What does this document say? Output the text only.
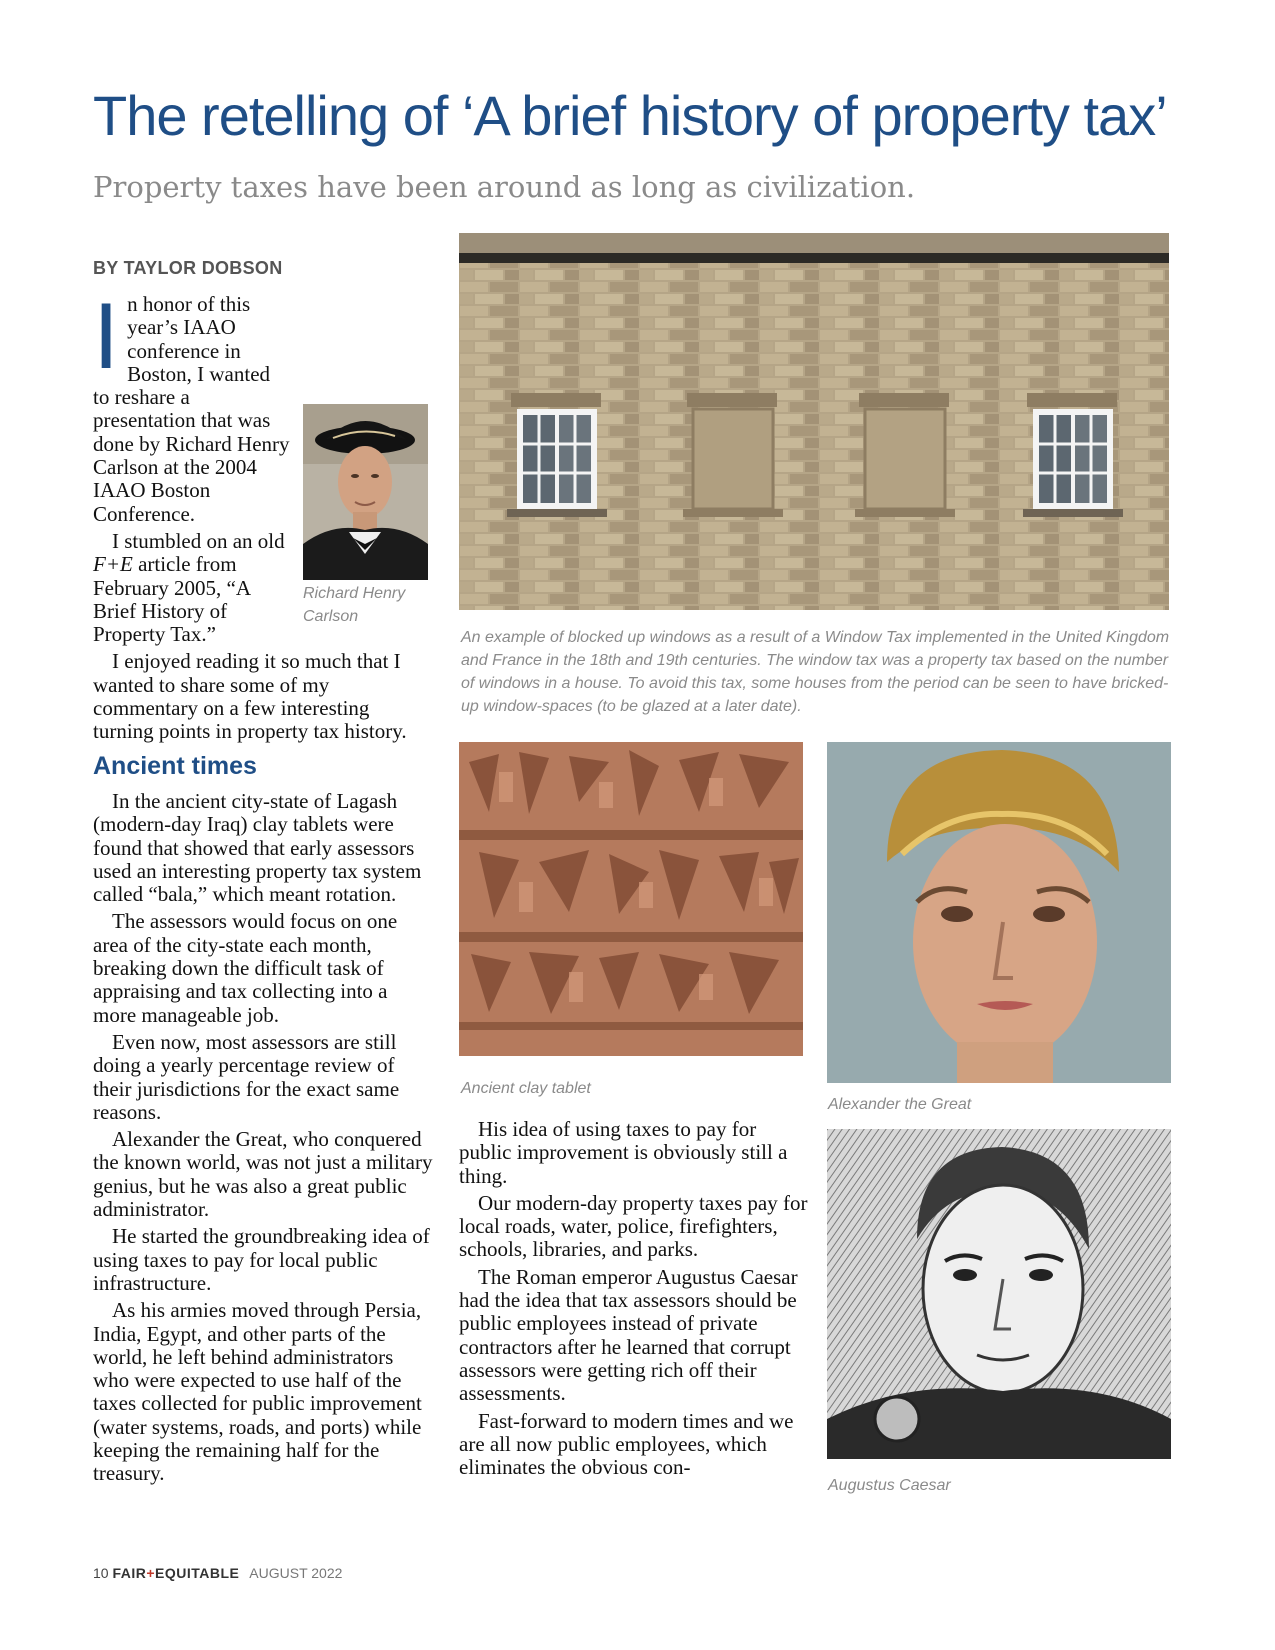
The retelling of ‘A brief history of property tax’
Property taxes have been around as long as civilization.
BY TAYLOR DOBSON
I
Richard Henry Carlson

n honor of this year’s IAAO conference in Boston, I wanted to reshare a presentation that was done by Richard Henry Carlson at the 2004 IAAO Boston Conference.

I stumbled on an old F+E article from February 2005, “A Brief History of Property Tax.”

I enjoyed reading it so much that I wanted to share some of my commentary on a few interesting turning points in property tax history.

Ancient times

In the ancient city-state of Lagash (modern-day Iraq) clay tablets were found that showed that early assessors used an interesting property tax system called “bala,” which meant rotation.

The assessors would focus on one area of the city-state each month, breaking down the difficult task of appraising and tax collecting into a more manageable job.

Even now, most assessors are still doing a yearly percentage review of their jurisdictions for the exact same reasons.

Alexander the Great, who conquered the known world, was not just a military genius, but he was also a great public administrator.

He started the groundbreaking idea of using taxes to pay for local public infrastructure.

As his armies moved through Persia, India, Egypt, and other parts of the world, he left behind administrators who were expected to use half of the taxes collected for public improvement (water systems, roads, and ports) while keeping the remaining half for the treasury.

An example of blocked up windows as a result of a Window Tax implemented in the United Kingdom and France in the 18th and 19th centuries. The window tax was a property tax based on the number of windows in a house. To avoid this tax, some houses from the period can be seen to have bricked-up window-spaces (to be glazed at a later date).
Ancient clay tablet

His idea of using taxes to pay for public improvement is obviously still a thing.

Our modern-day property taxes pay for local roads, water, police, firefighters, schools, libraries, and parks.

The Roman emperor Augustus Caesar had the idea that tax assessors should be public employees instead of private contractors after he learned that corrupt assessors were getting rich off their assessments.

Fast-forward to modern times and we are all now public employees, which eliminates the obvious con-

Alexander the Great
Augustus Caesar
10 FAIR+EQUITABLE AUGUST 2022
